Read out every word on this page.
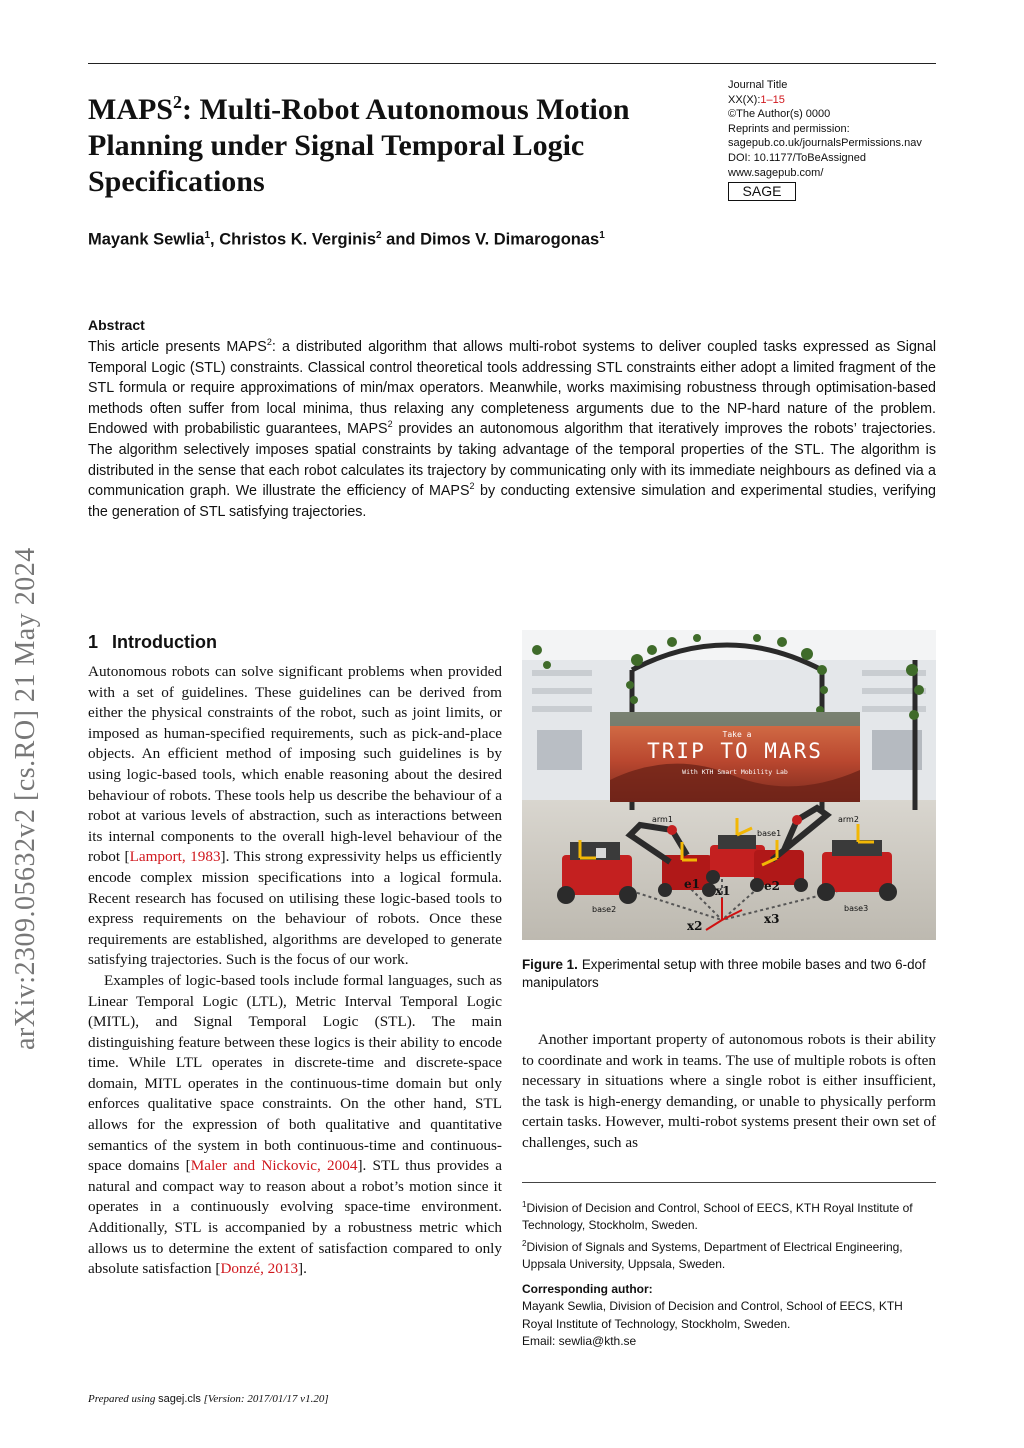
arXiv:2309.05632v2 [cs.RO] 21 May 2024
MAPS$^2$: Multi-Robot Autonomous Motion Planning under Signal Temporal Logic Specifications
Journal Title
XX(X):1–15
©The Author(s) 0000
Reprints and permission:
sagepub.co.uk/journalsPermissions.nav
DOI: 10.1177/ToBeAssigned
www.sagepub.com/
SAGE
Mayank Sewlia$^1$, Christos K. Verginis$^2$ and Dimos V. Dimarogonas$^1$
Abstract
This article presents MAPS$^2$: a distributed algorithm that allows multi-robot systems to deliver coupled tasks expressed as Signal Temporal Logic (STL) constraints. Classical control theoretical tools addressing STL constraints either adopt a limited fragment of the STL formula or require approximations of min/max operators. Meanwhile, works maximising robustness through optimisation-based methods often suffer from local minima, thus relaxing any completeness arguments due to the NP-hard nature of the problem. Endowed with probabilistic guarantees, MAPS$^2$ provides an autonomous algorithm that iteratively improves the robots’ trajectories. The algorithm selectively imposes spatial constraints by taking advantage of the temporal properties of the STL. The algorithm is distributed in the sense that each robot calculates its trajectory by communicating only with its immediate neighbours as defined via a communication graph. We illustrate the efficiency of MAPS$^2$ by conducting extensive simulation and experimental studies, verifying the generation of STL satisfying trajectories.
1 Introduction

Autonomous robots can solve significant problems when provided with a set of guidelines. These guidelines can be derived from either the physical constraints of the robot, such as joint limits, or imposed as human-specified requirements, such as pick-and-place objects. An efficient method of imposing such guidelines is by using logic-based tools, which enable reasoning about the desired behaviour of robots. These tools help us describe the behaviour of a robot at various levels of abstraction, such as interactions between its internal components to the overall high-level behaviour of the robot [Lamport, 1983]. This strong expressivity helps us efficiently encode complex mission specifications into a logical formula. Recent research has focused on utilising these logic-based tools to express requirements on the behaviour of robots. Once these requirements are established, algorithms are developed to generate satisfying trajectories. Such is the focus of our work.

Examples of logic-based tools include formal languages, such as Linear Temporal Logic (LTL), Metric Interval Temporal Logic (MITL), and Signal Temporal Logic (STL). The main distinguishing feature between these logics is their ability to encode time. While LTL operates in discrete-time and discrete-space domain, MITL operates in the continuous-time domain but only enforces qualitative space constraints. On the other hand, STL allows for the expression of both qualitative and quantitative semantics of the system in both continuous-time and continuous-space domains [Maler and Nickovic, 2004]. STL thus provides a natural and compact way to reason about a robot’s motion since it operates in a continuously evolving space-time environment. Additionally, STL is accompanied by a robustness metric which allows us to determine the extent of satisfaction compared to only absolute satisfaction [Donzé, 2013].

Take a
TRIP TO MARS
With KTH Smart Mobility Lab
arm1	arm2
base1
base2	base3
e1	e2
x1
x2	x3
Figure 1. Experimental setup with three mobile bases and two 6-dof manipulators

Another important property of autonomous robots is their ability to coordinate and work in teams. The use of multiple robots is often necessary in situations where a single robot is either insufficient, the task is high-energy demanding, or unable to physically perform certain tasks. However, multi-robot systems present their own set of challenges, such as

$^1$Division of Decision and Control, School of EECS, KTH Royal Institute of Technology, Stockholm, Sweden.

$^2$Division of Signals and Systems, Department of Electrical Engineering, Uppsala University, Uppsala, Sweden.

Corresponding author:

Mayank Sewlia, Division of Decision and Control, School of EECS, KTH Royal Institute of Technology, Stockholm, Sweden.

Email: sewlia@kth.se

Prepared using sagej.cls [Version: 2017/01/17 v1.20]
